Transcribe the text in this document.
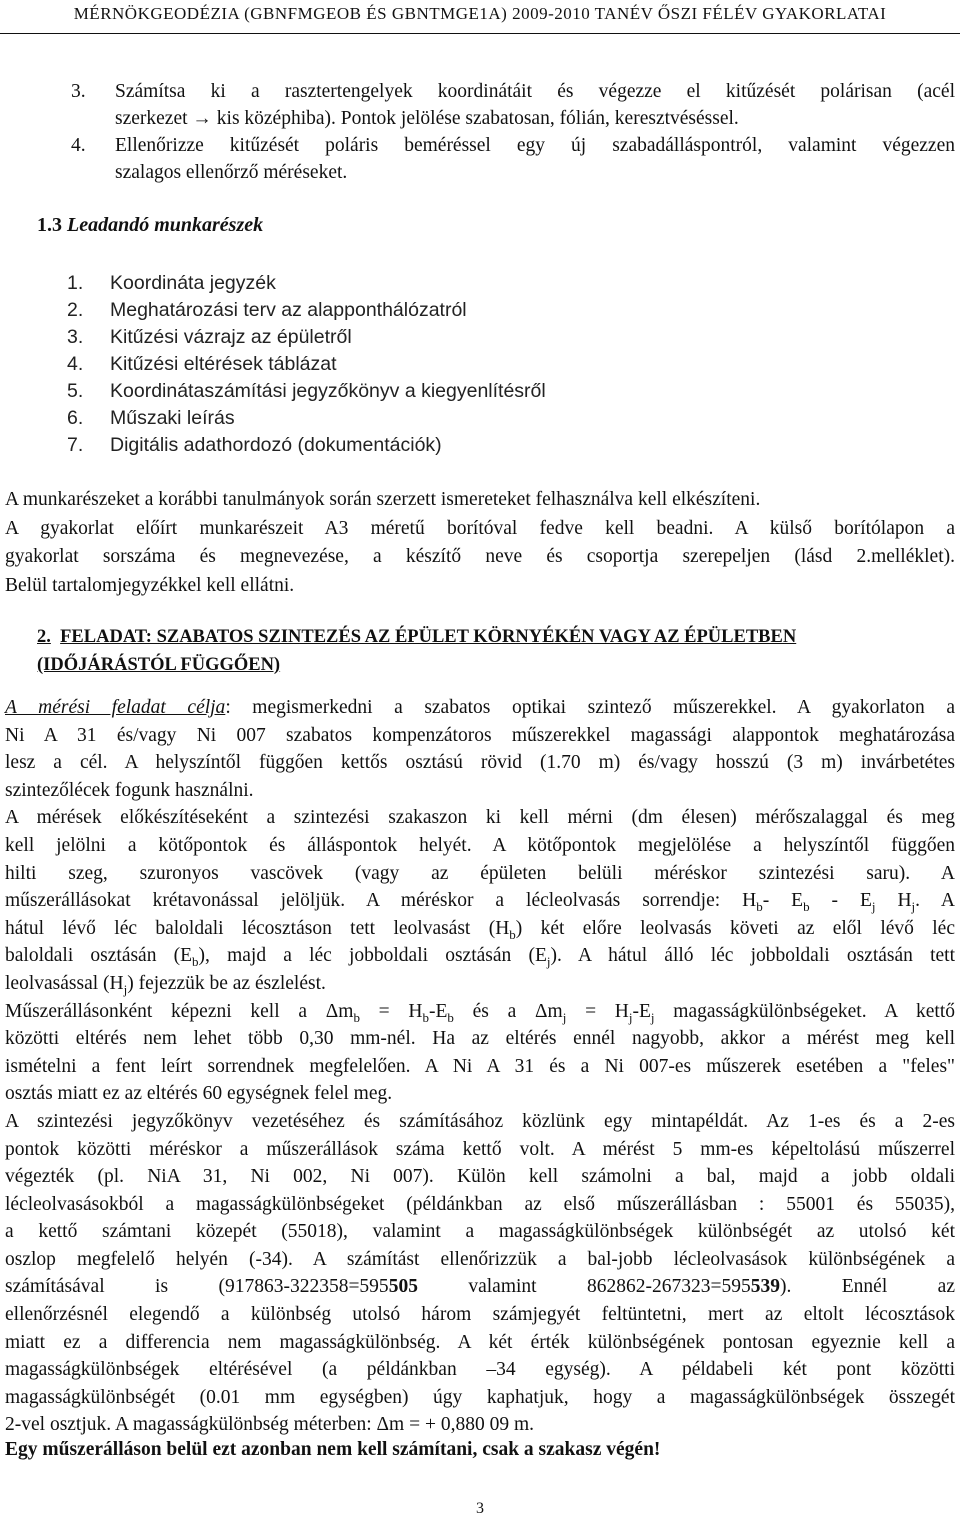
MÉRNÖKGEODÉZIA (GBNFMGEOB ÉS GBNTMGE1A) 2009-2010 TANÉV ŐSZI FÉLÉV GYAKORLATAI
3. Számítsa ki a rasztertengelyek koordinátáit és végezze el kitűzését polárisan (acél
szerkezet → kis középhiba). Pontok jelölése szabatosan, fólián, keresztvéséssel.
4. Ellenőrizze kitűzését poláris beméréssel egy új szabadálláspontról, valamint végezzen
szalagos ellenőrző méréseket.
1.3 Leadandó munkarészek
1. Koordináta jegyzék
2. Meghatározási terv az alapponthálózatról
3. Kitűzési vázrajz az épületről
4. Kitűzési eltérések táblázat
5. Koordinátaszámítási jegyzőkönyv a kiegyenlítésről
6. Műszaki leírás
7. Digitális adathordozó (dokumentációk)
A munkarészeket a korábbi tanulmányok során szerzett ismereteket felhasználva kell elkészíteni.
A gyakorlat előírt munkarészeit A3 méretű borítóval fedve kell beadni. A külső borítólapon a
gyakorlat sorszáma és megnevezése, a készítő neve és csoportja szerepeljen (lásd 2.melléklet).
Belül tartalomjegyzékkel kell ellátni.
2. FELADAT: SZABATOS SZINTEZÉS AZ ÉPÜLET KÖRNYÉKÉN VAGY AZ ÉPÜLETBEN
(IDŐJÁRÁSTÓL FÜGGŐEN)
A mérési feladat célja: megismerkedni a szabatos optikai szintező műszerekkel. A gyakorlaton a
Ni A 31 és/vagy Ni 007 szabatos kompenzátoros műszerekkel magassági alappontok meghatározása
lesz a cél. A helyszíntől függően kettős osztású rövid (1.70 m) és/vagy hosszú (3 m) invárbetétes
szintezőlécek fogunk használni.
A mérések előkészítéseként a szintezési szakaszon ki kell mérni (dm élesen) mérőszalaggal és meg
kell jelölni a kötőpontok és álláspontok helyét. A kötőpontok megjelölése a helyszíntől függően
hilti szeg, szuronyos vascövek (vagy az épületen belüli méréskor szintezési saru). A
műszerállásokat krétavonással jelöljük. A méréskor a lécleolvasás sorrendje: $H_b-$ $E_b - E_j$ $H_j$. A
hátul lévő léc baloldali lécosztáson tett leolvasást $(H_b)$ két előre leolvasás követi az elől lévő léc
baloldali osztásán $(E_b)$, majd a léc jobboldali osztásán $(E_j)$. A hátul álló léc jobboldali osztásán tett
leolvasással $(H_j)$ fejezzük be az észlelést.
Műszerállásonként képezni kell a $\Delta m_b = H_b-E_b$ és a $\Delta m_j = H_j-E_j$ magasságkülönbségeket. A kettő
közötti eltérés nem lehet több 0,30 mm-nél. Ha az eltérés ennél nagyobb, akkor a mérést meg kell
ismételni a fent leírt sorrendnek megfelelően. A Ni A 31 és a Ni 007-es műszerek esetében a "feles"
osztás miatt ez az eltérés 60 egységnek felel meg.
A szintezési jegyzőkönyv vezetéséhez és számításához közlünk egy mintapéldát. Az 1-es és a 2-es
pontok közötti méréskor a műszerállások száma kettő volt. A mérést 5 mm-es képeltolású műszerrel
végezték (pl. NiA 31, Ni 002, Ni 007). Külön kell számolni a bal, majd a jobb oldali
lécleolvasásokból a magasságkülönbségeket (példánkban az első műszerállásban : 55001 és 55035),
a kettő számtani közepét (55018), valamint a magasságkülönbségek különbségét az utolsó két
oszlop megfelelő helyén (-34). A számítást ellenőrizzük a bal-jobb lécleolvasások különbségének a
számításával is (917863-322358=595505 valamint 862862-267323=595539). Ennél az
ellenőrzésnél elegendő a különbség utolsó három számjegyét feltüntetni, mert az eltolt lécosztások
miatt ez a differencia nem magasságkülönbség. A két érték különbségének pontosan egyeznie kell a
magasságkülönbségek eltérésével (a példánkban –34 egység). A példabeli két pont közötti
magasságkülönbségét (0.01 mm egységben) úgy kaphatjuk, hogy a magasságkülönbségek összegét
2-vel osztjuk. A magasságkülönbség méterben: Δm = + 0,880 09 m.
Egy műszerálláson belül ezt azonban nem kell számítani, csak a szakasz végén!
3
